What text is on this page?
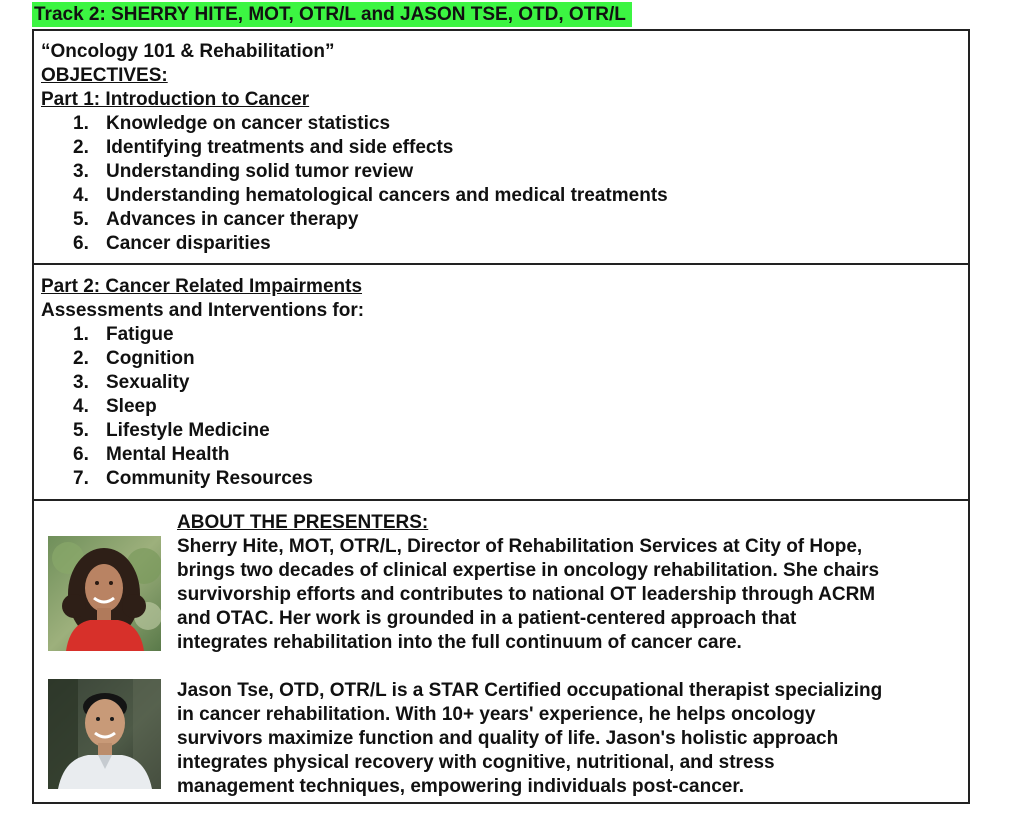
Track 2: SHERRY HITE, MOT, OTR/L and JASON TSE, OTD, OTR/L
“Oncology 101 & Rehabilitation”
OBJECTIVES:
Part 1: Introduction to Cancer
1. Knowledge on cancer statistics
2. Identifying treatments and side effects
3. Understanding solid tumor review
4. Understanding hematological cancers and medical treatments
5. Advances in cancer therapy
6. Cancer disparities
Part 2: Cancer Related Impairments
Assessments and Interventions for:
1. Fatigue
2. Cognition
3. Sexuality
4. Sleep
5. Lifestyle Medicine
6. Mental Health
7. Community Resources
ABOUT THE PRESENTERS:
Sherry Hite, MOT, OTR/L, Director of Rehabilitation Services at City of Hope,
brings two decades of clinical expertise in oncology rehabilitation. She chairs
survivorship efforts and contributes to national OT leadership through ACRM
and OTAC. Her work is grounded in a patient-centered approach that
integrates rehabilitation into the full continuum of cancer care.
Jason Tse, OTD, OTR/L is a STAR Certified occupational therapist specializing
in cancer rehabilitation. With 10+ years' experience, he helps oncology
survivors maximize function and quality of life. Jason's holistic approach
integrates physical recovery with cognitive, nutritional, and stress
management techniques, empowering individuals post-cancer.
